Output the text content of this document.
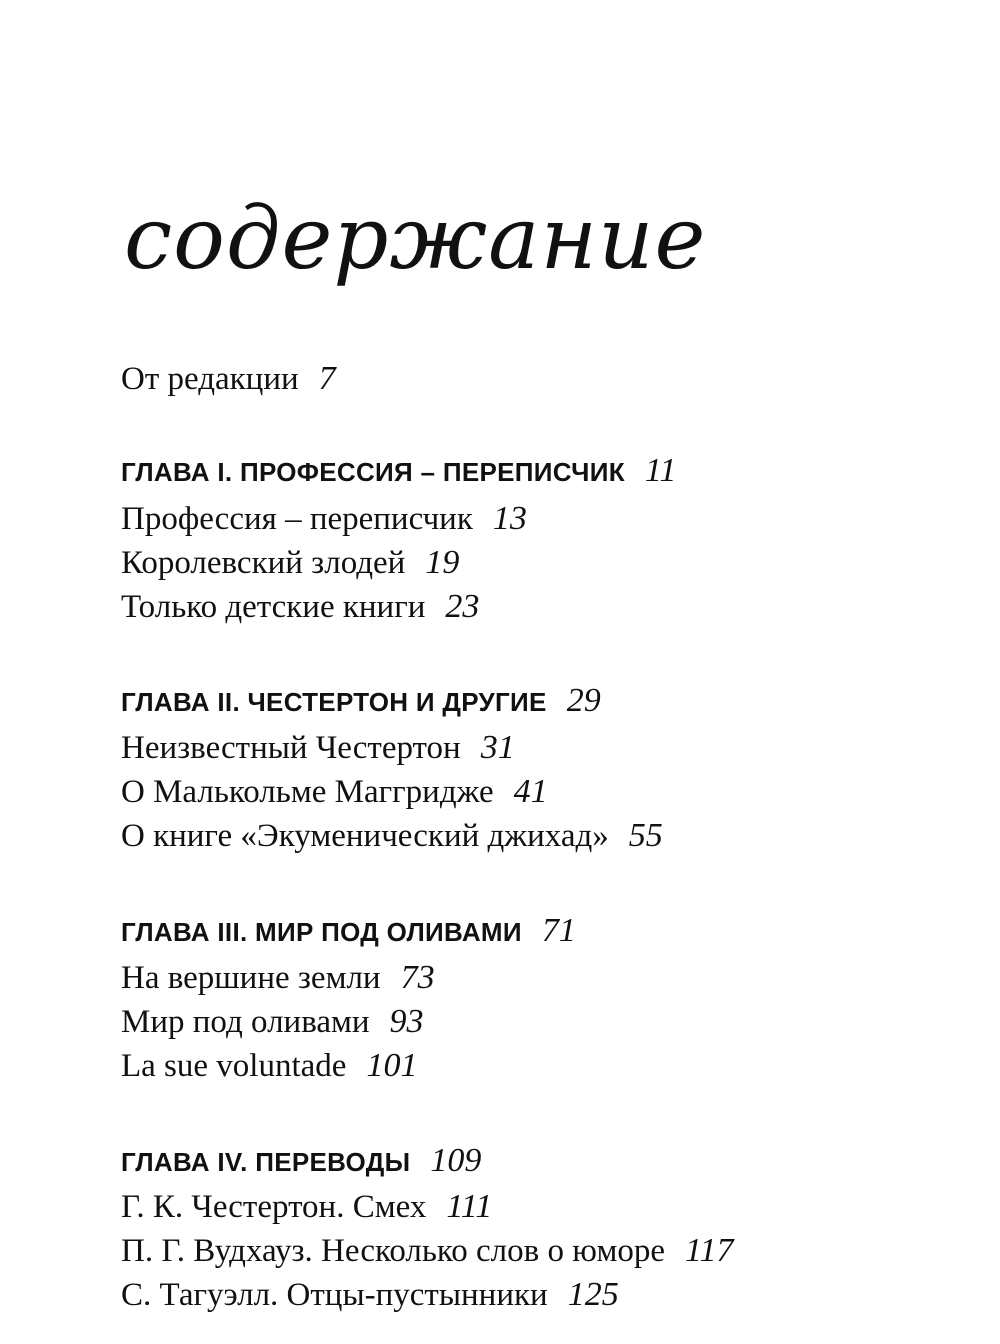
содержание
От редакции 7
ГЛАВА I. ПРОФЕССИЯ – ПЕРЕПИСЧИК 11
Профессия – переписчик 13
Королевский злодей 19
Только детские книги 23
ГЛАВА II. ЧЕСТЕРТОН И ДРУГИЕ 29
Неизвестный Честертон 31
О Малькольме Маггридже 41
О книге «Экуменический джихад» 55
ГЛАВА III. МИР ПОД ОЛИВАМИ 71
На вершине земли 73
Мир под оливами 93
La sue voluntade 101
ГЛАВА IV. ПЕРЕВОДЫ 109
Г. К. Честертон. Смех 111
П. Г. Вудхауз. Несколько слов о юморе 117
С. Тагуэлл. Отцы-пустынники 125
